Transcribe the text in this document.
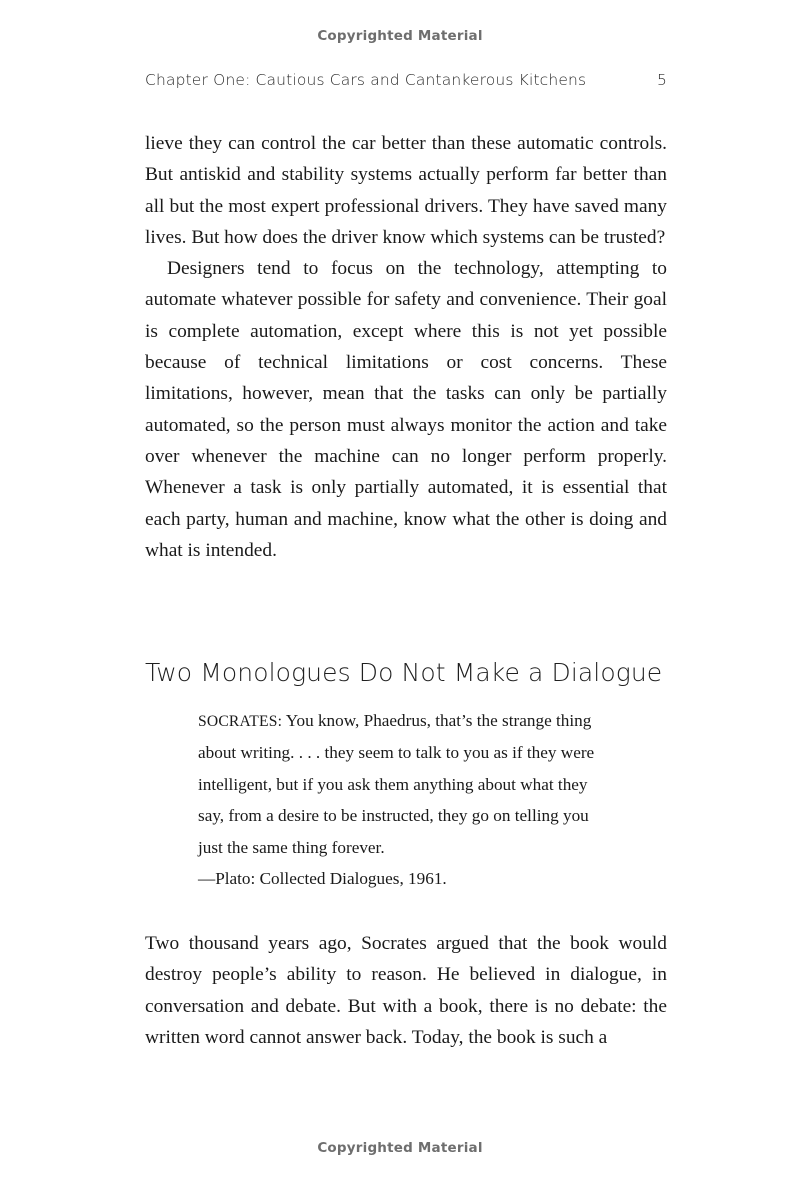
Copyrighted Material
Chapter One: Cautious Cars and Cantankerous Kitchens	5

lieve they can control the car better than these automatic controls. But antiskid and stability systems actually perform far better than all but the most expert professional drivers. They have saved many lives. But how does the driver know which systems can be trusted?

Designers tend to focus on the technology, attempting to automate whatever possible for safety and convenience. Their goal is complete automation, except where this is not yet possible because of technical limitations or cost concerns. These limitations, however, mean that the tasks can only be partially automated, so the person must always monitor the action and take over whenever the machine can no longer perform properly. Whenever a task is only partially automated, it is essential that each party, human and machine, know what the other is doing and what is intended.

Two Monologues Do Not Make a Dialogue

SOCRATES: You know, Phaedrus, that’s the strange thing about writing. . . . they seem to talk to you as if they were intelligent, but if you ask them anything about what they say, from a desire to be instructed, they go on telling you just the same thing forever.

—Plato: Collected Dialogues, 1961.

Two thousand years ago, Socrates argued that the book would destroy people’s ability to reason. He believed in dialogue, in conversation and debate. But with a book, there is no debate: the written word cannot answer back. Today, the book is such a

Copyrighted Material
